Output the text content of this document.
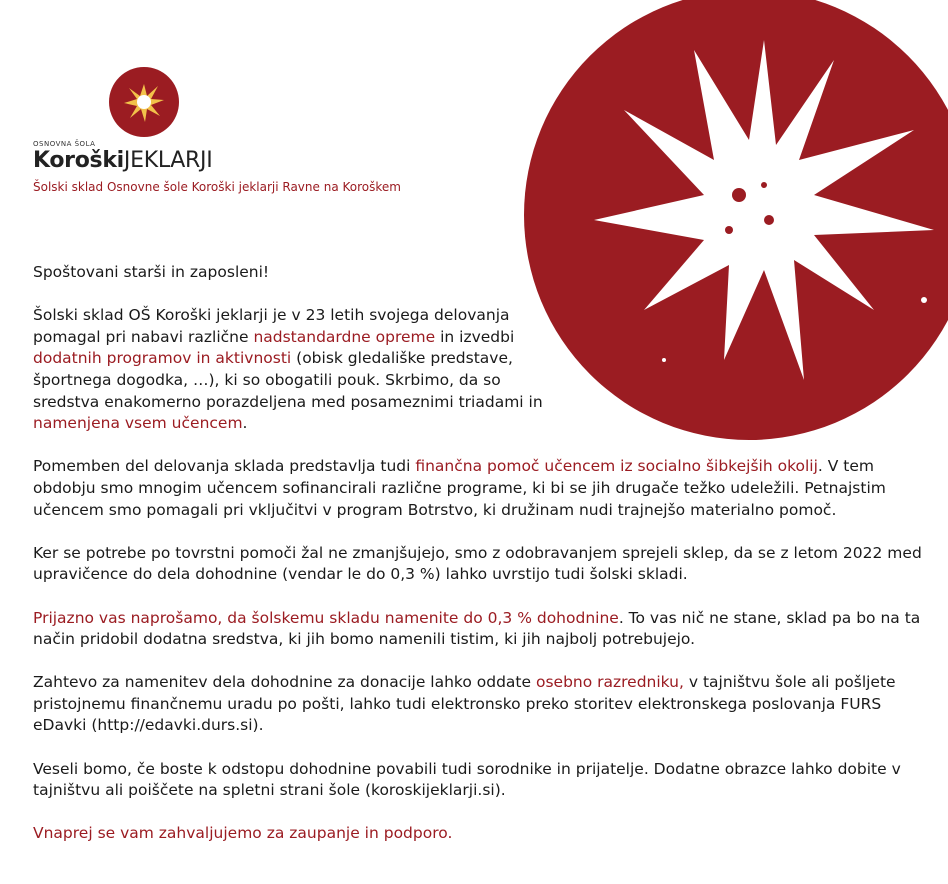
OSNOVNA ŠOLA
KoroškiJEKLARJI
Šolski sklad Osnovne šole Koroški jeklarji Ravne na Koroškem

Spoštovani starši in zaposleni!

Šolski sklad OŠ Koroški jeklarji je v 23 letih svojega delovanja pomagal pri nabavi različne nadstandardne opreme in izvedbi dodatnih programov in aktivnosti (obisk gledališke predstave, športnega dogodka, …), ki so obogatili pouk. Skrbimo, da so sredstva enakomerno porazdeljena med posameznimi triadami in namenjena vsem učencem.

Pomemben del delovanja sklada predstavlja tudi finančna pomoč učencem iz socialno šibkejših okolij. V tem obdobju smo mnogim učencem sofinancirali različne programe, ki bi se jih drugače težko udeležili. Petnajstim učencem smo pomagali pri vključitvi v program Botrstvo, ki družinam nudi trajnejšo materialno pomoč.

Ker se potrebe po tovrstni pomoči žal ne zmanjšujejo, smo z odobravanjem sprejeli sklep, da se z letom 2022 med upravičence do dela dohodnine (vendar le do 0,3 %) lahko uvrstijo tudi šolski skladi.

Prijazno vas naprošamo, da šolskemu skladu namenite do 0,3 % dohodnine. To vas nič ne stane, sklad pa bo na ta način pridobil dodatna sredstva, ki jih bomo namenili tistim, ki jih najbolj potrebujejo.

Zahtevo za namenitev dela dohodnine za donacije lahko oddate osebno razredniku, v tajništvu šole ali pošljete pristojnemu finančnemu uradu po pošti, lahko tudi elektronsko preko storitev elektronskega poslovanja FURS eDavki (http://edavki.durs.si).

Veseli bomo, če boste k odstopu dohodnine povabili tudi sorodnike in prijatelje. Dodatne obrazce lahko dobite v tajništvu ali poiščete na spletni strani šole (koroskijeklarji.si).

Vnaprej se vam zahvaljujemo za zaupanje in podporo.
